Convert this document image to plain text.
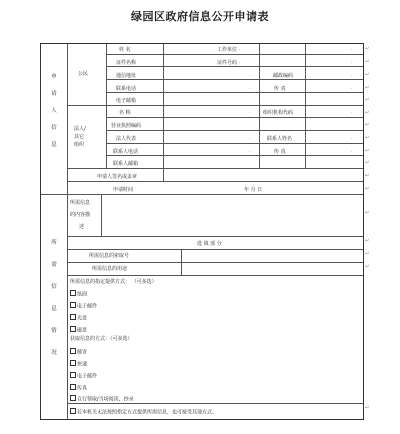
绿园区政府信息公开申请表
申
请
人
信
息
公民
姓 名	工作单位
证件名称	证件号码
通信地址	邮政编码
联系电话	传 真
电子邮箱
法人/
其它
组织
名 称	组织机构代码
营业执照编码
法人代表	联系人姓名
联系人电话	传 真
联系人邮箱
申请人签名或盖章
申请时间	年 月 日
所
需
信
息
情
况
所需信息
的内容描
述
选 填 部 分
所需信息的索取号
所需信息的用途
所需信息的指定提供方式： （可多选）
纸面
电子邮件
光盘
磁盘
获取信息的方式：（可多选）
邮寄
快递
电子邮件
传真
自行领取/当场阅读、抄录
若本机关无法按照指定方式提供所需信息，也可接受其他方式。
.	.
.	.
.	.
.	.
.	.
.	.
.	.
↵
↵
↵
↵
↵
↵
↵
↵
↵
↵
↵
↵
↵
↵
↵
↵
↵
